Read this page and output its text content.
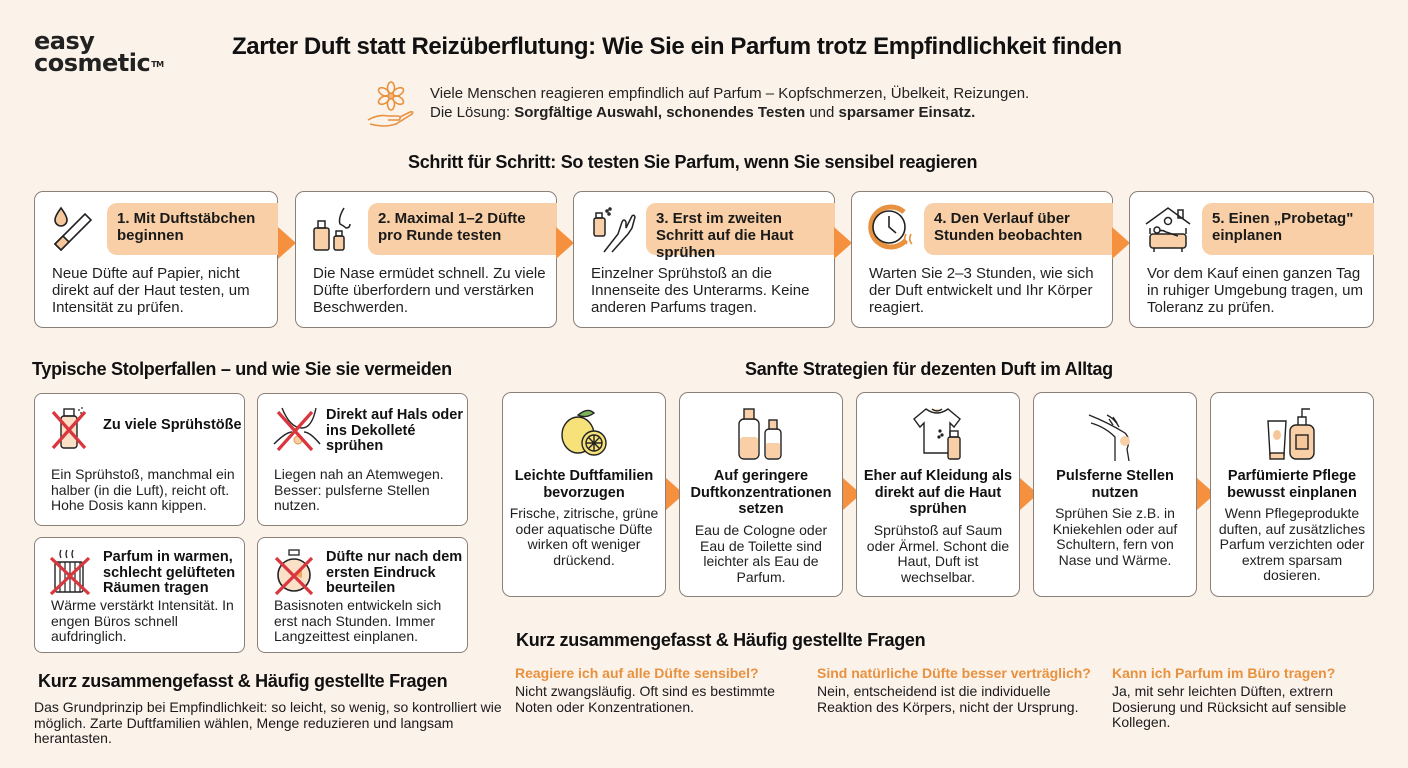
easy
cosmetic™
Zarter Duft statt Reizüberflutung: Wie Sie ein Parfum trotz Empfindlichkeit finden
Viele Menschen reagieren empfindlich auf Parfum – Kopfschmerzen, Übelkeit, Reizungen.
Die Lösung: Sorgfältige Auswahl, schonendes Testen und sparsamer Einsatz.
Schritt für Schritt: So testen Sie Parfum, wenn Sie sensibel reagieren
1. Mit Duftstäbchen beginnen
Neue Düfte auf Papier, nicht direkt auf der Haut testen, um Intensität zu prüfen.
2. Maximal 1–2 Düfte pro Runde testen
Die Nase ermüdet schnell. Zu viele Düfte überfordern und verstärken Beschwerden.
3. Erst im zweiten Schritt auf die Haut sprühen
Einzelner Sprühstoß an die Innenseite des Unterarms. Keine anderen Parfums tragen.
4. Den Verlauf über Stunden beobachten
Warten Sie 2–3 Stunden, wie sich der Duft entwickelt und Ihr Körper reagiert.
5. Einen „Probetag" einplanen
Vor dem Kauf einen ganzen Tag in ruhiger Umgebung tragen, um Toleranz zu prüfen.
Typische Stolperfallen – und wie Sie sie vermeiden
Zu viele Sprühstöße
Ein Sprühstoß, manchmal ein halber (in die Luft), reicht oft. Hohe Dosis kann kippen.
Direkt auf Hals oder ins Dekolleté sprühen
Liegen nah an Atemwegen. Besser: pulsferne Stellen nutzen.
Parfum in warmen, schlecht gelüfteten Räumen tragen
Wärme verstärkt Intensität. In engen Büros schnell aufdringlich.
Düfte nur nach dem ersten Eindruck beurteilen
Basisnoten entwickeln sich erst nach Stunden. Immer Langzeittest einplanen.
Kurz zusammengefasst & Häufig gestellte Fragen

Das Grundprinzip bei Empfindlichkeit: so leicht, so wenig, so kontrolliert wie möglich. Zarte Duftfamilien wählen, Menge reduzieren und langsam herantasten.

Sanfte Strategien für dezenten Duft im Alltag
Leichte Duftfamilien bevorzugen
Frische, zitrische, grüne oder aquatische Düfte wirken oft weniger drückend.
Auf geringere Duftkonzentrationen setzen
Eau de Cologne oder Eau de Toilette sind leichter als Eau de Parfum.
Eher auf Kleidung als direkt auf die Haut sprühen
Sprühstoß auf Saum oder Ärmel. Schont die Haut, Duft ist wechselbar.
Pulsferne Stellen nutzen
Sprühen Sie z.B. in Kniekehlen oder auf Schultern, fern von Nase und Wärme.
Parfümierte Pflege bewusst einplanen
Wenn Pflegeprodukte duften, auf zusätzliches Parfum verzichten oder extrem sparsam dosieren.
Kurz zusammengefasst & Häufig gestellte Fragen
Reagiere ich auf alle Düfte sensibel?
Nicht zwangsläufig. Oft sind es bestimmte Noten oder Konzentrationen.
Sind natürliche Düfte besser verträglich?
Nein, entscheidend ist die individuelle Reaktion des Körpers, nicht der Ursprung.
Kann ich Parfum im Büro tragen?
Ja, mit sehr leichten Düften, extrern Dosierung und Rücksicht auf sensible Kollegen.
